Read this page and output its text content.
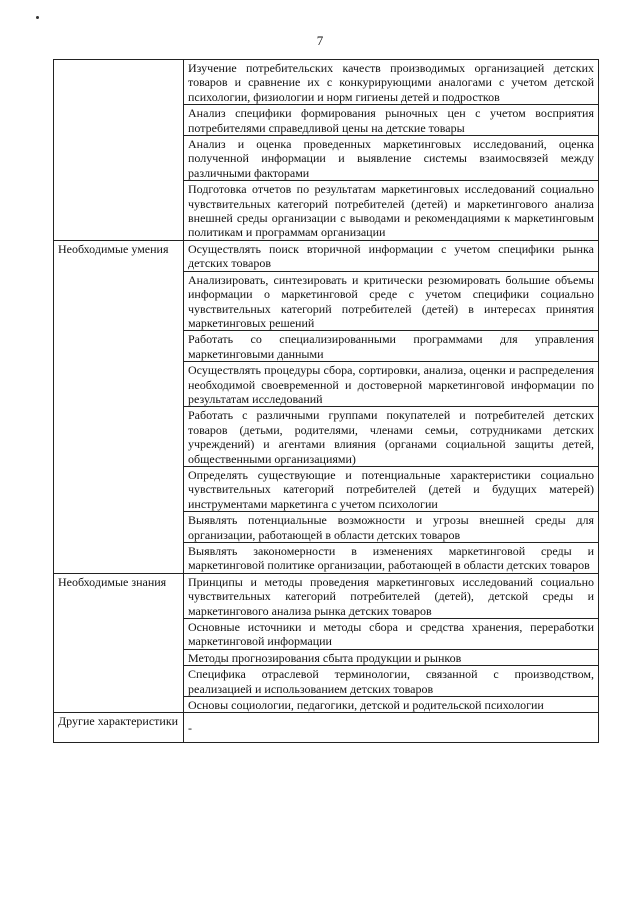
7
	Изучение потребительских качеств производимых организацией детских товаров и сравнение их с конкурирующими аналогами с учетом детской психологии, физиологии и норм гигиены детей и подростков
	Анализ специфики формирования рыночных цен с учетом восприятия потребителями справедливой цены на детские товары
	Анализ и оценка проведенных маркетинговых исследований, оценка полученной информации и выявление системы взаимосвязей между различными факторами
	Подготовка отчетов по результатам маркетинговых исследований социально чувствительных категорий потребителей (детей) и маркетингового анализа внешней среды организации с выводами и рекомендациями к маркетинговым политикам и программам организации
Необходимые умения	Осуществлять поиск вторичной информации с учетом специфики рынка детских товаров
	Анализировать, синтезировать и критически резюмировать большие объемы информации о маркетинговой среде с учетом специфики социально чувствительных категорий потребителей (детей) в интересах принятия маркетинговых решений
	Работать со специализированными программами для управления маркетинговыми данными
	Осуществлять процедуры сбора, сортировки, анализа, оценки и распределения необходимой своевременной и достоверной маркетинговой информации по результатам исследований
	Работать с различными группами покупателей и потребителей детских товаров (детьми, родителями, членами семьи, сотрудниками детских учреждений) и агентами влияния (органами социальной защиты детей, общественными организациями)
	Определять существующие и потенциальные характеристики социально чувствительных категорий потребителей (детей и будущих матерей) инструментами маркетинга с учетом психологии
	Выявлять потенциальные возможности и угрозы внешней среды для организации, работающей в области детских товаров
	Выявлять закономерности в изменениях маркетинговой среды и маркетинговой политике организации, работающей в области детских товаров
Необходимые знания	Принципы и методы проведения маркетинговых исследований социально чувствительных категорий потребителей (детей), детской среды и маркетингового анализа рынка детских товаров
	Основные источники и методы сбора и средства хранения, переработки маркетинговой информации
	Методы прогнозирования сбыта продукции и рынков
	Специфика отраслевой терминологии, связанной с производством, реализацией и использованием детских товаров
	Основы социологии, педагогики, детской и родительской психологии
Другие характеристики	-
